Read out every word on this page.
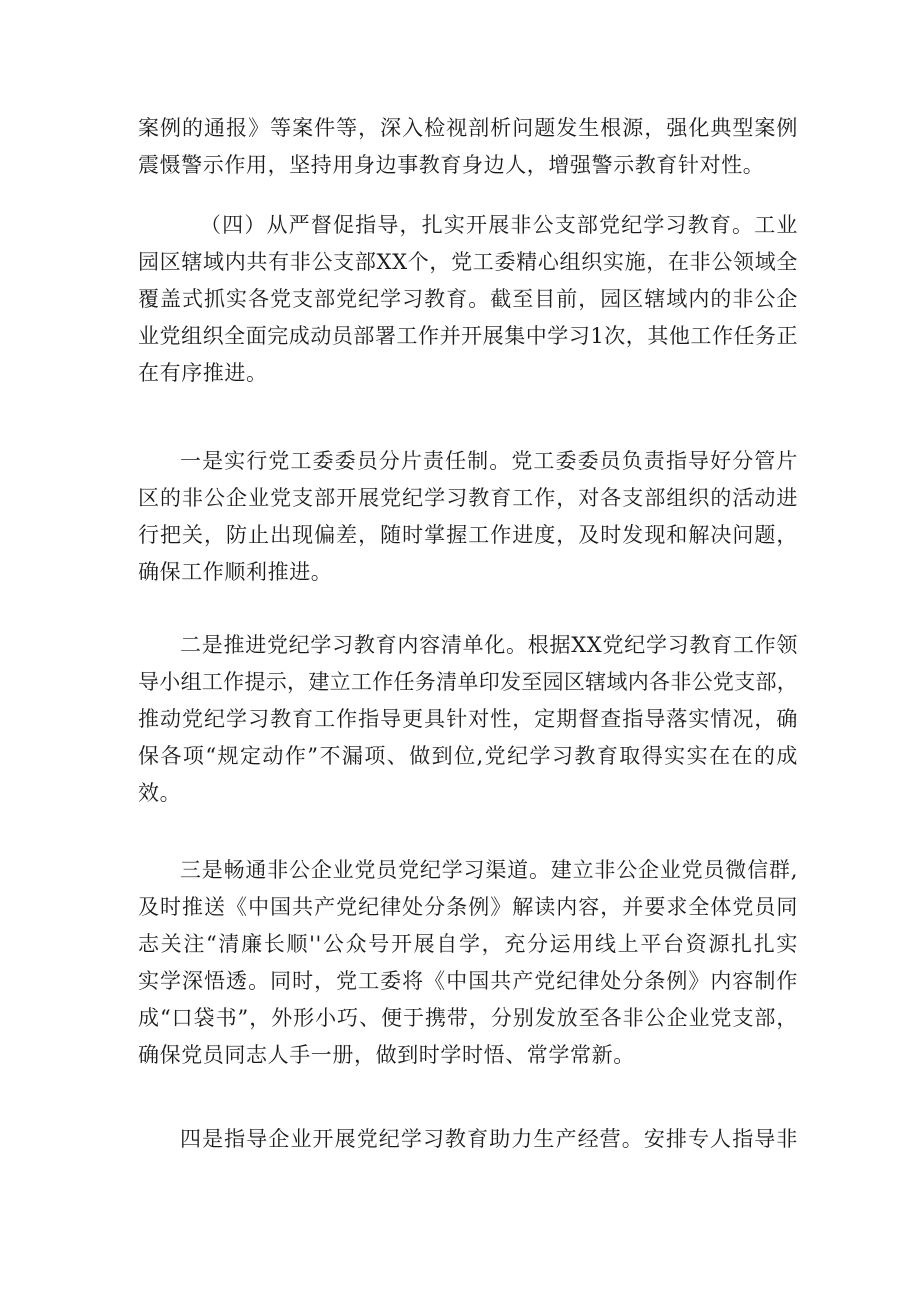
案例的通报》等案件等，深入检视剖析问题发生根源，强化典型案例
震慑警示作用，坚持用身边事教育身边人，增强警示教育针对性。
（四）从严督促指导，扎实开展非公支部党纪学习教育。工业
园区辖域内共有非公支部XX个，党工委精心组织实施，在非公领域全
覆盖式抓实各党支部党纪学习教育。截至目前，园区辖域内的非公企
业党组织全面完成动员部署工作并开展集中学习1次，其他工作任务正
在有序推进。
一是实行党工委委员分片责任制。党工委委员负责指导好分管片
区的非公企业党支部开展党纪学习教育工作，对各支部组织的活动进
行把关，防止出现偏差，随时掌握工作进度，及时发现和解决问题，
确保工作顺利推进。
二是推进党纪学习教育内容清单化。根据XX党纪学习教育工作领
导小组工作提示，建立工作任务清单印发至园区辖域内各非公党支部，
推动党纪学习教育工作指导更具针对性，定期督查指导落实情况，确
保各项“规定动作”不漏项、做到位,党纪学习教育取得实实在在的成
效。
三是畅通非公企业党员党纪学习渠道。建立非公企业党员微信群,
及时推送《中国共产党纪律处分条例》解读内容，并要求全体党员同
志关注“清廉长顺''公众号开展自学，充分运用线上平台资源扎扎实
实学深悟透。同时，党工委将《中国共产党纪律处分条例》内容制作
成“口袋书”，外形小巧、便于携带，分别发放至各非公企业党支部，
确保党员同志人手一册，做到时学时悟、常学常新。
四是指导企业开展党纪学习教育助力生产经营。安排专人指导非
